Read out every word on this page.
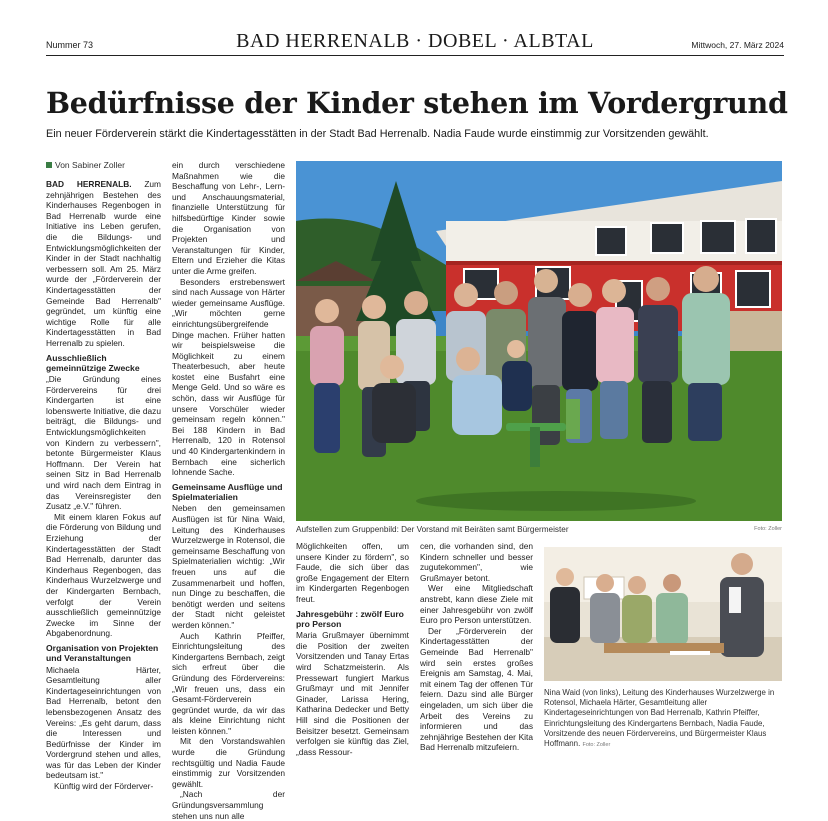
Nummer 73	BAD HERRENALB · DOBEL · ALBTAL	Mittwoch, 27. März 2024
Bedürfnisse der Kinder stehen im Vordergrund
Ein neuer Förderverein stärkt die Kindertagesstätten in der Stadt Bad Herrenalb. Nadia Faude wurde einstimmig zur Vorsitzenden gewählt.
Von Sabiner Zoller

BAD HERRENALB. Zum zehnjährigen Bestehen des Kinderhauses Regenbogen in Bad Herrenalb wurde eine Initiative ins Leben gerufen, die die Bildungs- und Entwicklungsmöglichkeiten der Kinder in der Stadt nachhaltig verbessern soll. Am 25. März wurde der „Förderverein der Kindertagesstätten der Gemeinde Bad Herrenalb" gegründet, um künftig eine wichtige Rolle für alle Kindertagesstätten in Bad Herrenalb zu spielen.

Ausschließlich gemeinnützige Zwecke

„Die Gründung eines Fördervereins für drei Kindergarten ist eine lobenswerte Initiative, die dazu beiträgt, die Bildungs- und Entwicklungsmöglichkeiten von Kindern zu verbessern", betonte Bürgermeister Klaus Hoffmann. Der Verein hat seinen Sitz in Bad Herrenalb und wird nach dem Eintrag in das Vereinsregister den Zusatz „e.V." führen.

Mit einem klaren Fokus auf die Förderung von Bildung und Erziehung der Kindertagesstätten der Stadt Bad Herrenalb, darunter das Kinderhaus Regenbogen, das Kinderhaus Wurzelzwerge und der Kindergarten Bernbach, verfolgt der Verein ausschließlich gemeinnützige Zwecke im Sinne der Abgabenordnung.

Organisation von Projekten und Veranstaltungen

Michaela Härter, Gesamtleitung aller Kindertageseinrichtungen von Bad Herrenalb, betont den lebensbezogenen Ansatz des Vereins: „Es geht darum, dass die Interessen und Bedürfnisse der Kinder im Vordergrund stehen und alles, was für das Leben der Kinder bedeutsam ist."

Künftig wird der Förderver-

ein durch verschiedene Maßnahmen wie die Beschaffung von Lehr-, Lern- und Anschauungsmaterial, finanzielle Unterstützung für hilfsbedürftige Kinder sowie die Organisation von Projekten und Veranstaltungen für Kinder, Eltern und Erzieher die Kitas unter die Arme greifen.

Besonders erstrebenswert sind nach Aussage von Härter wieder gemeinsame Ausflüge. „Wir möchten gerne einrichtungsübergreifende Dinge machen. Früher hatten wir beispielsweise die Möglichkeit zu einem Theaterbesuch, aber heute kostet eine Busfahrt eine Menge Geld. Und so wäre es schön, dass wir Ausflüge für unsere Vorschüler wieder gemeinsam regeln können." Bei 188 Kindern in Bad Herrenalb, 120 in Rotensol und 40 Kindergartenkindern in Bernbach eine sicherlich lohnende Sache.

Gemeinsame Ausflüge und Spielmaterialien

Neben den gemeinsamen Ausflügen ist für Nina Waid, Leitung des Kinderhauses Wurzelzwerge in Rotensol, die gemeinsame Beschaffung von Spielmaterialien wichtig: „Wir freuen uns auf die Zusammenarbeit und hoffen, nun Dinge zu beschaffen, die benötigt werden und seitens der Stadt nicht geleistet werden können."

Auch Kathrin Pfeiffer, Einrichtungsleitung des Kindergartens Bernbach, zeigt sich erfreut über die Gründung des Fördervereins: „Wir freuen uns, dass ein Gesamt-Förderverein gegründet wurde, da wir das als kleine Einrichtung nicht leisten können."

Mit den Vorstandswahlen wurde die Gründung rechtsgültig und Nadia Faude einstimmig zur Vorsitzenden gewählt.

„Nach der Gründungsversammlung stehen uns nun alle

Aufstellen zum Gruppenbild: Der Vorstand mit Beiräten samt Bürgermeister	Foto: Zoller

Möglichkeiten offen, um unsere Kinder zu fördern", so Faude, die sich über das große Engagement der Eltern im Kindergarten Regenbogen freut.

Jahresgebühr : zwölf Euro pro Person

Maria Grußmayer übernimmt die Position der zweiten Vorsitzenden und Tanay Ertas wird Schatzmeisterin. Als Pressewart fungiert Markus Grußmayr und mit Jennifer Ginader, Larissa Hering, Katharina Dedecker und Betty Hill sind die Positionen der Beisitzer besetzt. Gemeinsam verfolgen sie künftig das Ziel, „dass Ressour-

cen, die vorhanden sind, den Kindern schneller und besser zugutekommen", wie Grußmayer betont.

Wer eine Mitgliedschaft anstrebt, kann diese Ziele mit einer Jahresgebühr von zwölf Euro pro Person unterstützen.

Der „Förderverein der Kindertagesstätten der Gemeinde Bad Herrenalb" wird sein erstes großes Ereignis am Samstag, 4. Mai, mit einem Tag der offenen Tür feiern. Dazu sind alle Bürger eingeladen, um sich über die Arbeit des Vereins zu informieren und das zehnjährige Bestehen der Kita Bad Herrenalb mitzufeiern.

Nina Waid (von links), Leitung des Kinderhauses Wurzelzwerge in Rotensol, Michaela Härter, Gesamtleitung aller Kindertageseinrichtungen von Bad Herrenalb, Kathrin Pfeiffer, Einrichtungsleitung des Kindergartens Bernbach, Nadia Faude, Vorsitzende des neuen Fördervereins, und Bürgermeister Klaus Hoffmann. Foto: Zoller
